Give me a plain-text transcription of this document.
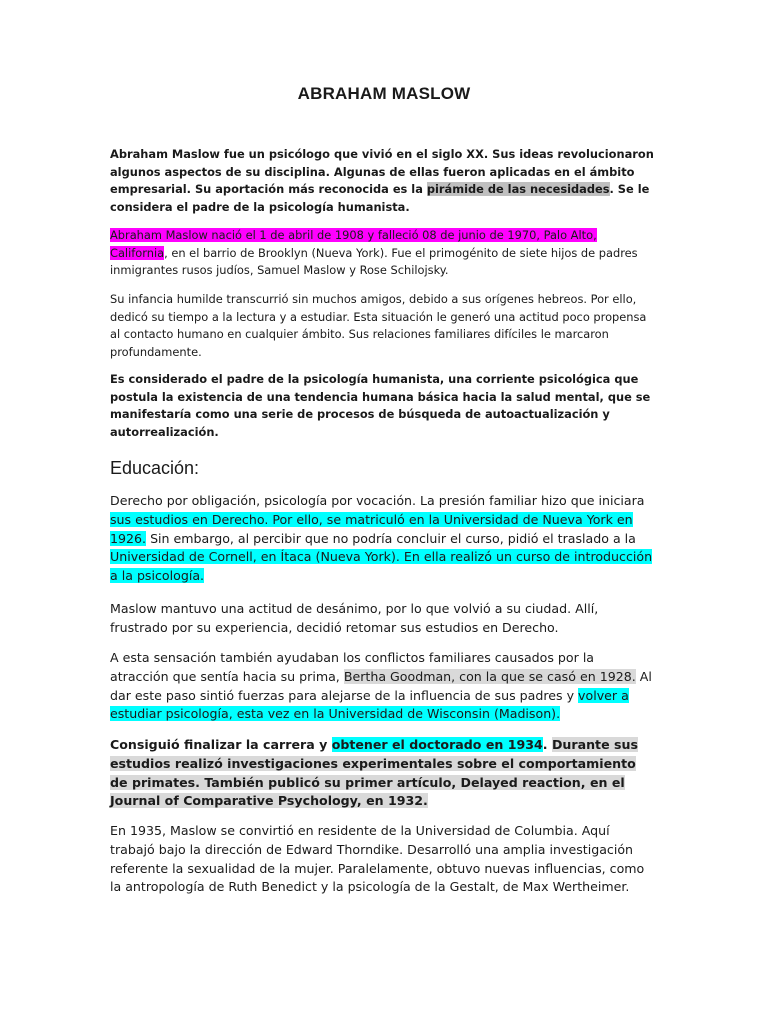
ABRAHAM MASLOW

Abraham Maslow fue un psicólogo que vivió en el siglo XX. Sus ideas revolucionaron algunos aspectos de su disciplina. Algunas de ellas fueron aplicadas en el ámbito empresarial. Su aportación más reconocida es la pirámide de las necesidades. Se le considera el padre de la psicología humanista.

Abraham Maslow nació el 1 de abril de 1908 y falleció 08 de junio de 1970, Palo Alto, California, en el barrio de Brooklyn (Nueva York). Fue el primogénito de siete hijos de padres inmigrantes rusos judíos, Samuel Maslow y Rose Schilojsky.

Su infancia humilde transcurrió sin muchos amigos, debido a sus orígenes hebreos. Por ello, dedicó su tiempo a la lectura y a estudiar. Esta situación le generó una actitud poco propensa al contacto humano en cualquier ámbito. Sus relaciones familiares difíciles le marcaron profundamente.

Es considerado el padre de la psicología humanista, una corriente psicológica que postula la existencia de una tendencia humana básica hacia la salud mental, que se manifestaría como una serie de procesos de búsqueda de autoactualización y autorrealización.

Educación:

Derecho por obligación, psicología por vocación. La presión familiar hizo que iniciara sus estudios en Derecho. Por ello, se matriculó en la Universidad de Nueva York en 1926. Sin embargo, al percibir que no podría concluir el curso, pidió el traslado a la Universidad de Cornell, en Ítaca (Nueva York). En ella realizó un curso de introducción a la psicología.

Maslow mantuvo una actitud de desánimo, por lo que volvió a su ciudad. Allí, frustrado por su experiencia, decidió retomar sus estudios en Derecho.

A esta sensación también ayudaban los conflictos familiares causados por la atracción que sentía hacia su prima, Bertha Goodman, con la que se casó en 1928. Al dar este paso sintió fuerzas para alejarse de la influencia de sus padres y volver a estudiar psicología, esta vez en la Universidad de Wisconsin (Madison).

Consiguió finalizar la carrera y obtener el doctorado en 1934. Durante sus estudios realizó investigaciones experimentales sobre el comportamiento de primates. También publicó su primer artículo, Delayed reaction, en el Journal of Comparative Psychology, en 1932.

En 1935, Maslow se convirtió en residente de la Universidad de Columbia. Aquí trabajó bajo la dirección de Edward Thorndike. Desarrolló una amplia investigación referente la sexualidad de la mujer. Paralelamente, obtuvo nuevas influencias, como la antropología de Ruth Benedict y la psicología de la Gestalt, de Max Wertheimer.
